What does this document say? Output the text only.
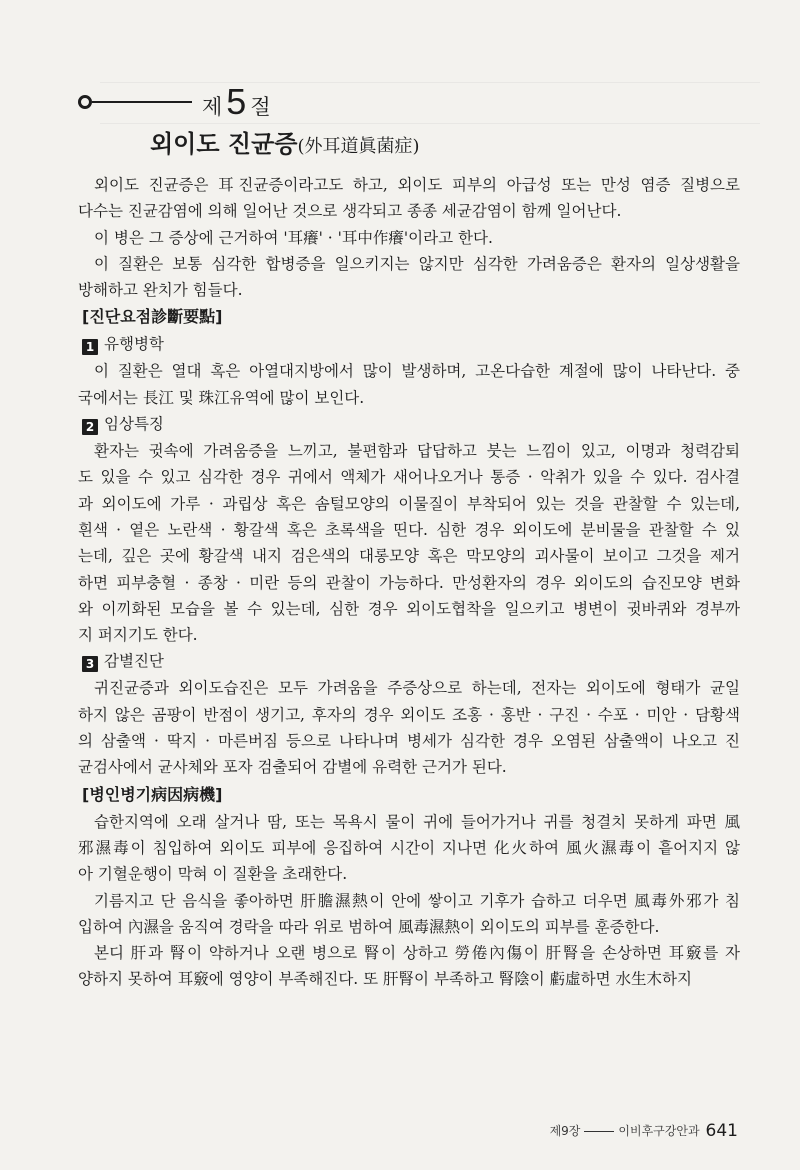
제 5 절
외이도 진균증(外耳道眞菌症)
외이도 진균증은 耳진균증이라고도 하고, 외이도 피부의 아급성 또는 만성 염증 질병으로
다수는 진균감염에 의해 일어난 것으로 생각되고 종종 세균감염이 함께 일어난다.
이 병은 그 증상에 근거하여 '耳癢' · '耳中作癢'이라고 한다.
이 질환은 보통 심각한 합병증을 일으키지는 않지만 심각한 가려움증은 환자의 일상생활을
방해하고 완치가 힘들다.
[진단요점診斷要點]
1 유행병학
이 질환은 열대 혹은 아열대지방에서 많이 발생하며, 고온다습한 계절에 많이 나타난다. 중
국에서는 長江 및 珠江유역에 많이 보인다.
2 임상특징
환자는 귓속에 가려움증을 느끼고, 불편함과 답답하고 붓는 느낌이 있고, 이명과 청력감퇴
도 있을 수 있고 심각한 경우 귀에서 액체가 새어나오거나 통증 · 악취가 있을 수 있다. 검사결
과 외이도에 가루 · 과립상 혹은 솜털모양의 이물질이 부착되어 있는 것을 관찰할 수 있는데,
흰색 · 옅은 노란색 · 황갈색 혹은 초록색을 띤다. 심한 경우 외이도에 분비물을 관찰할 수 있
는데, 깊은 곳에 황갈색 내지 검은색의 대롱모양 혹은 막모양의 괴사물이 보이고 그것을 제거
하면 피부충혈 · 종창 · 미란 등의 관찰이 가능하다. 만성환자의 경우 외이도의 습진모양 변화
와 이끼화된 모습을 볼 수 있는데, 심한 경우 외이도협착을 일으키고 병변이 귓바퀴와 경부까
지 퍼지기도 한다.
3 감별진단
귀진균증과 외이도습진은 모두 가려움을 주증상으로 하는데, 전자는 외이도에 형태가 균일
하지 않은 곰팡이 반점이 생기고, 후자의 경우 외이도 조홍 · 홍반 · 구진 · 수포 · 미안 · 담황색
의 삼출액 · 딱지 · 마른버짐 등으로 나타나며 병세가 심각한 경우 오염된 삼출액이 나오고 진
균검사에서 균사체와 포자 검출되어 감별에 유력한 근거가 된다.
[병인병기病因病機]
습한지역에 오래 살거나 땀, 또는 목욕시 물이 귀에 들어가거나 귀를 청결치 못하게 파면 風
邪濕毒이 침입하여 외이도 피부에 응집하여 시간이 지나면 化火하여 風火濕毒이 흩어지지 않
아 기혈운행이 막혀 이 질환을 초래한다.
기름지고 단 음식을 좋아하면 肝膽濕熱이 안에 쌓이고 기후가 습하고 더우면 風毒外邪가 침
입하여 內濕을 움직여 경락을 따라 위로 범하여 風毒濕熱이 외이도의 피부를 훈증한다.
본디 肝과 腎이 약하거나 오랜 병으로 腎이 상하고 勞倦內傷이 肝腎을 손상하면 耳竅를 자
양하지 못하여 耳竅에 영양이 부족해진다. 또 肝腎이 부족하고 腎陰이 虧虛하면 水生木하지
제9장	이비후구강안과 641
